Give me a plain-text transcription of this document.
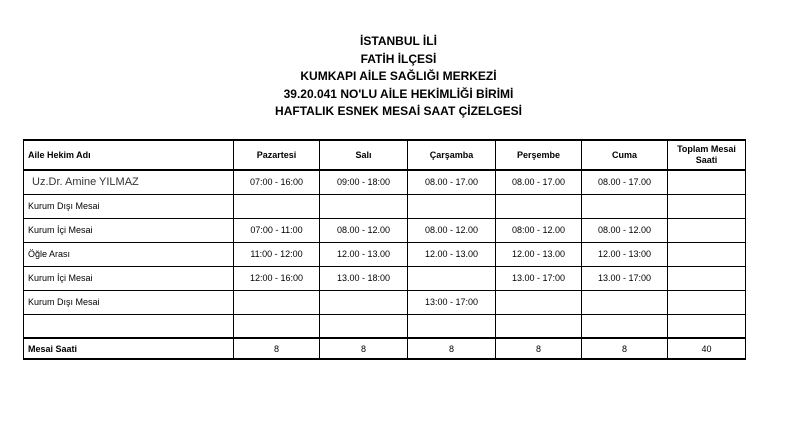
İSTANBUL İLİ
FATİH İLÇESİ
KUMKAPI AİLE SAĞLIĞI MERKEZİ
39.20.041 NO'LU AİLE HEKİMLİĞİ BİRİMİ
HAFTALIK ESNEK MESAİ SAAT ÇİZELGESİ
Aile Hekim Adı	Pazartesi	Salı	Çarşamba	Perşembe	Cuma	Toplam Mesai Saati
Uz.Dr. Amine YILMAZ	07:00 - 16:00	09:00 - 18:00	08.00 - 17.00	08.00 - 17.00	08.00 - 17.00	
Kurum Dışı Mesai						
Kurum İçi Mesai	07:00 - 11:00	08.00 - 12.00	08.00 - 12.00	08:00 - 12.00	08.00 - 12.00	
Öğle Arası	11:00 - 12:00	12.00 - 13.00	12.00 - 13.00	12.00 - 13.00	12.00 - 13:00	
Kurum İçi Mesai	12:00 - 16:00	13.00 - 18:00		13.00 - 17:00	13.00 - 17:00	
Kurum Dışı Mesai			13:00 - 17:00			

Mesai Saati	8	8	8	8	8	40
